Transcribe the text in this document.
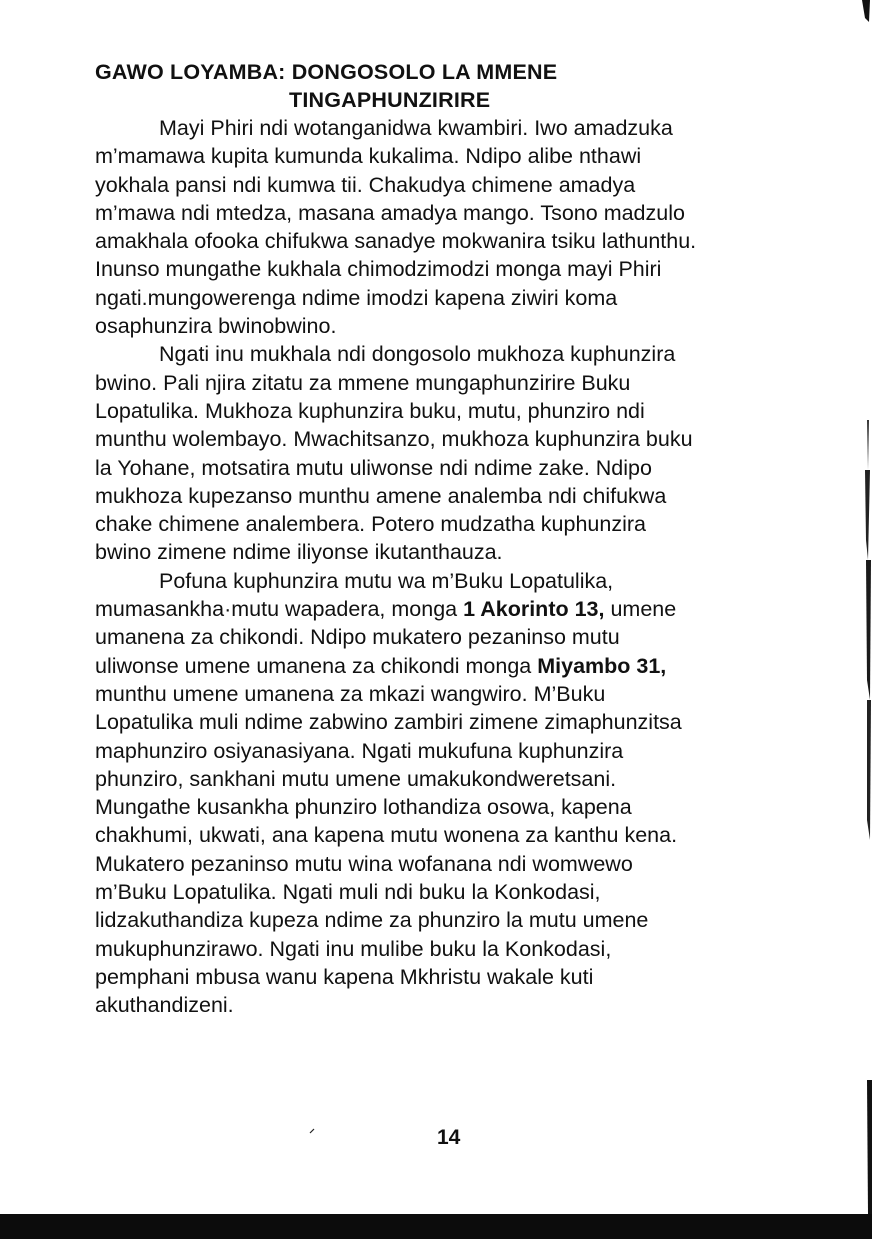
GAWO LOYAMBA: DONGOSOLO LA MMENE
TINGAPHUNZIRIRE
Mayi Phiri ndi wotanganidwa kwambiri. Iwo amadzuka
m’mamawa kupita kumunda kukalima. Ndipo alibe nthawi
yokhala pansi ndi kumwa tii. Chakudya chimene amadya
m’mawa ndi mtedza, masana amadya mango. Tsono madzulo
amakhala ofooka chifukwa sanadye mokwanira tsiku lathunthu.
Inunso mungathe kukhala chimodzimodzi monga mayi Phiri
ngati.mungowerenga ndime imodzi kapena ziwiri koma
osaphunzira bwinobwino.
Ngati inu mukhala ndi dongosolo mukhoza kuphunzira
bwino. Pali njira zitatu za mmene mungaphunzirire Buku
Lopatulika. Mukhoza kuphunzira buku, mutu, phunziro ndi
munthu wolembayo. Mwachitsanzo, mukhoza kuphunzira buku
la Yohane, motsatira mutu uliwonse ndi ndime zake. Ndipo
mukhoza kupezanso munthu amene analemba ndi chifukwa
chake chimene analembera. Potero mudzatha kuphunzira
bwino zimene ndime iliyonse ikutanthauza.
Pofuna kuphunzira mutu wa m’Buku Lopatulika,
mumasankha·mutu wapadera, monga 1 Akorinto 13, umene
umanena za chikondi. Ndipo mukatero pezaninso mutu
uliwonse umene umanena za chikondi monga Miyambo 31,
munthu umene umanena za mkazi wangwiro. M’Buku
Lopatulika muli ndime zabwino zambiri zimene zimaphunzitsa
maphunziro osiyanasiyana. Ngati mukufuna kuphunzira
phunziro, sankhani mutu umene umakukondweretsani.
Mungathe kusankha phunziro lothandiza osowa, kapena
chakhumi, ukwati, ana kapena mutu wonena za kanthu kena.
Mukatero pezaninso mutu wina wofanana ndi womwewo
m’Buku Lopatulika. Ngati muli ndi buku la Konkodasi,
lidzakuthandiza kupeza ndime za phunziro la mutu umene
mukuphunzirawo. Ngati inu mulibe buku la Konkodasi,
pemphani mbusa wanu kapena Mkhristu wakale kuti
akuthandizeni.
14
